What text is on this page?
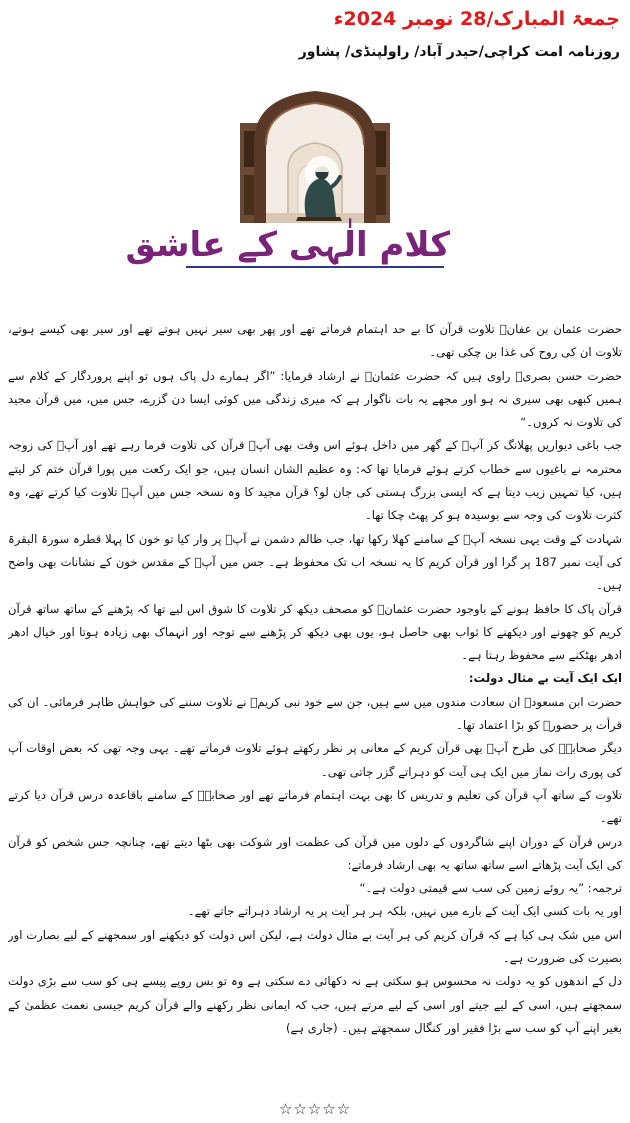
جمعۃ المبارک/28 نومبر 2024ء
روزنامہ امت کراچی/حیدر آباد/ راولپنڈی/ پشاور
کلام الٰہی کے عاشق

حضرت عثمان بن عفانؓ تلاوت قرآن کا بے حد اہتمام فرماتے تھے اور پھر بھی سیر نہیں ہوتے تھے اور سیر بھی کیسے ہوتے، تلاوت ان کی روح کی غذا بن چکی تھی۔

حضرت حسن بصریؒ راوی ہیں کہ حضرت عثمانؓ نے ارشاد فرمایا: ”اگر ہمارے دل پاک ہوں تو اپنے پروردگار کے کلام سے ہمیں کبھی بھی سیری نہ ہو اور مجھے یہ بات ناگوار ہے کہ میری زندگی میں کوئی ایسا دن گزرے، جس میں، میں قرآن مجید کی تلاوت نہ کروں۔“

جب باغی دیواریں پھلانگ کر آپؓ کے گھر میں داخل ہوئے اس وقت بھی آپؓ قرآن کی تلاوت فرما رہے تھے اور آپؓ کی زوجہ محترمہ نے باغیوں سے خطاب کرتے ہوئے فرمایا تھا کہ: وہ عظیم الشان انسان ہیں، جو ایک رکعت میں پورا قرآن ختم کر لیتے ہیں، کیا تمہیں زیب دیتا ہے کہ ایسی بزرگ ہستی کی جان لو؟ قرآن مجید کا وہ نسخہ جس میں آپؓ تلاوت کیا کرتے تھے، وہ کثرت تلاوت کی وجہ سے بوسیدہ ہو کر پھٹ چکا تھا۔

شہادت کے وقت یہی نسخہ آپؓ کے سامنے کھلا رکھا تھا، جب ظالم دشمن نے آپؓ پر وار کیا تو خون کا پہلا قطرہ سورۃ البقرۃ کی آیت نمبر 187 پر گرا اور قرآن کریم کا یہ نسخہ اب تک محفوظ ہے۔ جس میں آپؓ کے مقدس خون کے نشانات بھی واضح ہیں۔

قرآن پاک کا حافظ ہونے کے باوجود حضرت عثمانؓ کو مصحف دیکھ کر تلاوت کا شوق اس لیے تھا کہ پڑھنے کے ساتھ ساتھ قرآن کریم کو چھونے اور دیکھنے کا ثواب بھی حاصل ہو، یوں بھی دیکھ کر پڑھنے سے توجہ اور انہماک بھی زیادہ ہوتا اور خیال ادھر ادھر بھٹکنے سے محفوظ رہتا ہے۔

ایک ایک آیت بے مثال دولت:

حضرت ابن مسعودؓ ان سعادت مندوں میں سے ہیں، جن سے خود نبی کریمؐ نے تلاوت سننے کی خواہش ظاہر فرمائی۔ ان کی قرأت پر حضورؐ کو بڑا اعتماد تھا۔

دیگر صحابہؓ کی طرح آپؓ بھی قرآن کریم کے معانی پر نظر رکھتے ہوئے تلاوت فرماتے تھے۔ یہی وجہ تھی کہ بعض اوقات آپ کی پوری رات نماز میں ایک ہی آیت کو دہراتے گزر جاتی تھی۔

تلاوت کے ساتھ آپ قرآن کی تعلیم و تدریس کا بھی بہت اہتمام فرماتے تھے اور صحابہؓ کے سامنے باقاعدہ درس قرآن دیا کرتے تھے۔

درس قرآن کے دوران اپنے شاگردوں کے دلوں میں قرآن کی عظمت اور شوکت بھی بٹھا دیتے تھے، چنانچہ جس شخص کو قرآن کی ایک آیت پڑھاتے اسے ساتھ ساتھ یہ بھی ارشاد فرماتے:

ترجمہ: ”یہ روئے زمین کی سب سے قیمتی دولت ہے۔“

اور یہ بات کسی ایک آیت کے بارے میں نہیں، بلکہ ہر ہر آیت پر یہ ارشاد دہراتے جاتے تھے۔

اس میں شک ہی کیا ہے کہ قرآن کریم کی ہر آیت بے مثال دولت ہے، لیکن اس دولت کو دیکھنے اور سمجھنے کے لیے بصارت اور بصیرت کی ضرورت ہے۔

دل کے اندھوں کو یہ دولت نہ محسوس ہو سکتی ہے نہ دکھائی دے سکتی ہے وہ تو بس روپے پیسے ہی کو سب سے بڑی دولت سمجھتے ہیں، اسی کے لیے جیتے اور اسی کے لیے مرتے ہیں، جب کہ ایمانی نظر رکھنے والے قرآن کریم جیسی نعمت عظمیٰ کے بغیر اپنے آپ کو سب سے بڑا فقیر اور کنگال سمجھتے ہیں۔ (جاری ہے)

☆☆☆☆☆
